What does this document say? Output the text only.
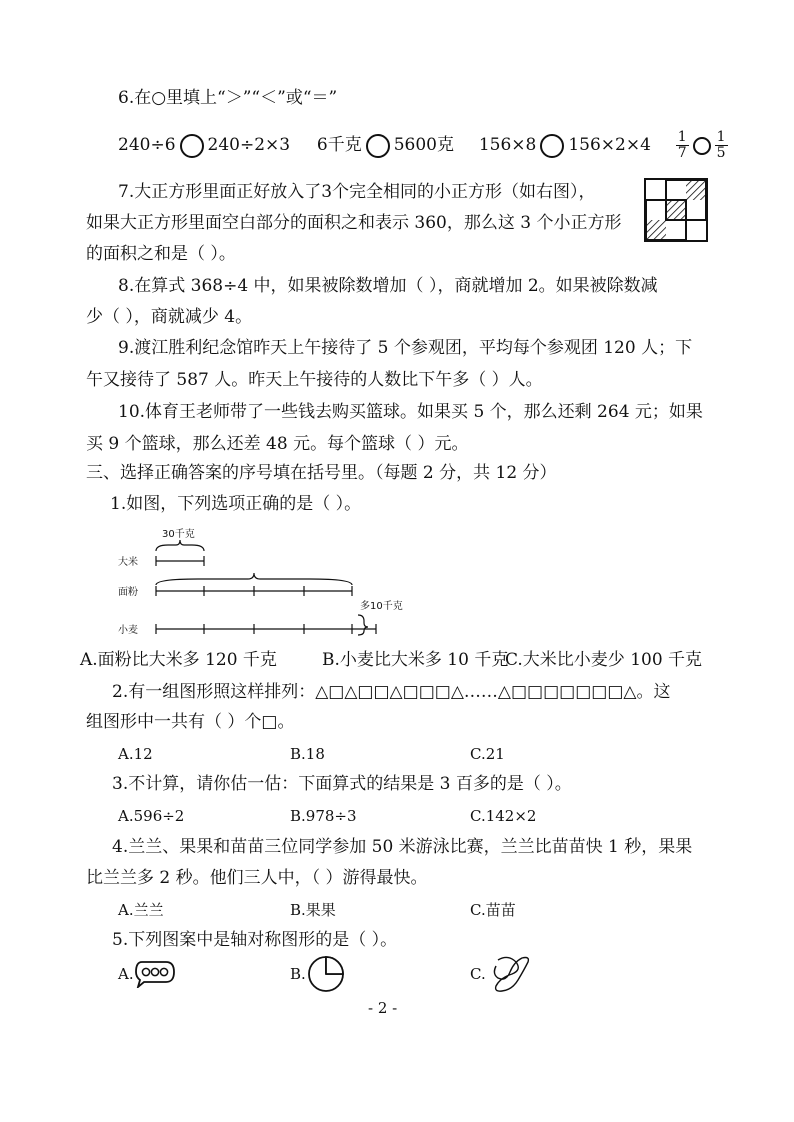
6.在○里填上“＞”“＜”或“＝”
240÷6 240÷2×3 6千克 5600克 156×8 $156\times 2\times 4 \frac{1}{7} \frac{1}{5}$
7.大正方形里面正好放入了3个完全相同的小正方形（如右图），
如果大正方形里面空白部分的面积之和表示 360，那么这 3 个小正方形
的面积之和是（ ）。
8.在算式 368÷4 中，如果被除数增加（ ），商就增加 2。如果被除数减
少（ ），商就减少 4。
9.渡江胜利纪念馆昨天上午接待了 5 个参观团，平均每个参观团 120 人；下
午又接待了 587 人。昨天上午接待的人数比下午多（ ）人。
10.体育王老师带了一些钱去购买篮球。如果买 5 个，那么还剩 264 元；如果
买 9 个篮球，那么还差 48 元。每个篮球（ ）元。
三、选择正确答案的序号填在括号里。（每题 2 分，共 12 分）
1.如图，下列选项正确的是（ ）。
30千克
大米
面粉
多10千克
小麦
A.面粉比大米多 120 千克	B.小麦比大米多 10 千克
C.大米比小麦少 100 千克
2.有一组图形照这样排列：△□△□□△□□□△……△□□□□□□□△。这
组图形中一共有（ ）个□。
A.12	B.18	C.21
3.不计算，请你估一估：下面算式的结果是 3 百多的是（ ）。
A.596÷2	B.978÷3	C.142×2
4.兰兰、果果和苗苗三位同学参加 50 米游泳比赛，兰兰比苗苗快 1 秒，果果
比兰兰多 2 秒。他们三人中，（ ）游得最快。
A.兰兰	B.果果	C.苗苗
5.下列图案中是轴对称图形的是（ ）。
A.	B.	C.
- 2 -
